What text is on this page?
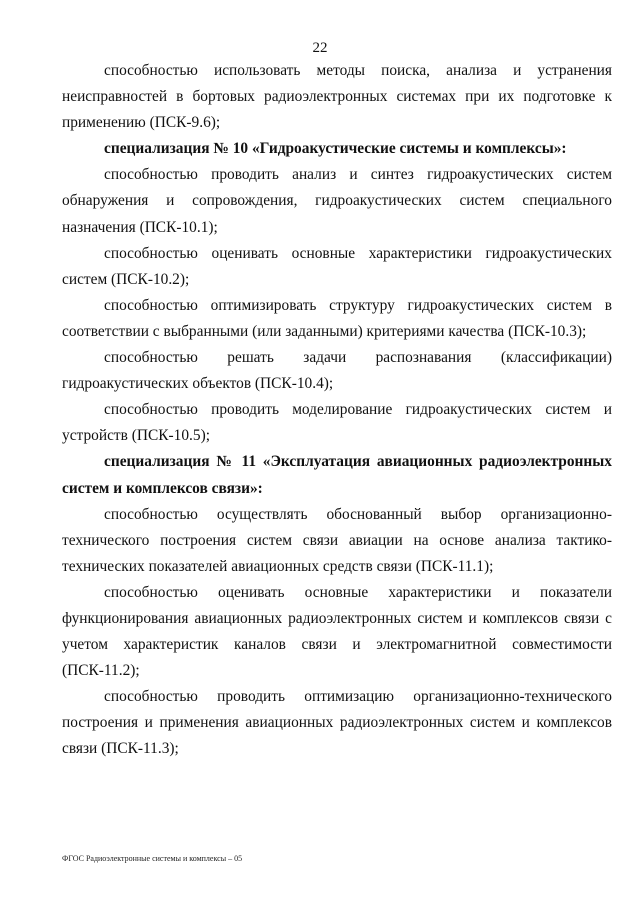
22

способностью использовать методы поиска, анализа и устранения неисправностей в бортовых радиоэлектронных системах при их подготовке к применению (ПСК-9.6);

специализация № 10 «Гидроакустические системы и комплексы»:

способностью проводить анализ и синтез гидроакустических систем обнаружения и сопровождения, гидроакустических систем специального назначения (ПСК-10.1);

способностью оценивать основные характеристики гидроакустических систем (ПСК-10.2);

способностью оптимизировать структуру гидроакустических систем в соответствии с выбранными (или заданными) критериями качества (ПСК-10.3);

способностью решать задачи распознавания (классификации) гидроакустических объектов (ПСК-10.4);

способностью проводить моделирование гидроакустических систем и устройств (ПСК-10.5);

специализация № 11 «Эксплуатация авиационных радиоэлектронных систем и комплексов связи»:

способностью осуществлять обоснованный выбор организационно-технического построения систем связи авиации на основе анализа тактико-технических показателей авиационных средств связи (ПСК-11.1);

способностью оценивать основные характеристики и показатели функционирования авиационных радиоэлектронных систем и комплексов связи с учетом характеристик каналов связи и электромагнитной совместимости (ПСК-11.2);

способностью проводить оптимизацию организационно-технического построения и применения авиационных радиоэлектронных систем и комплексов связи (ПСК-11.3);

ФГОС Радиоэлектронные системы и комплексы – 05
